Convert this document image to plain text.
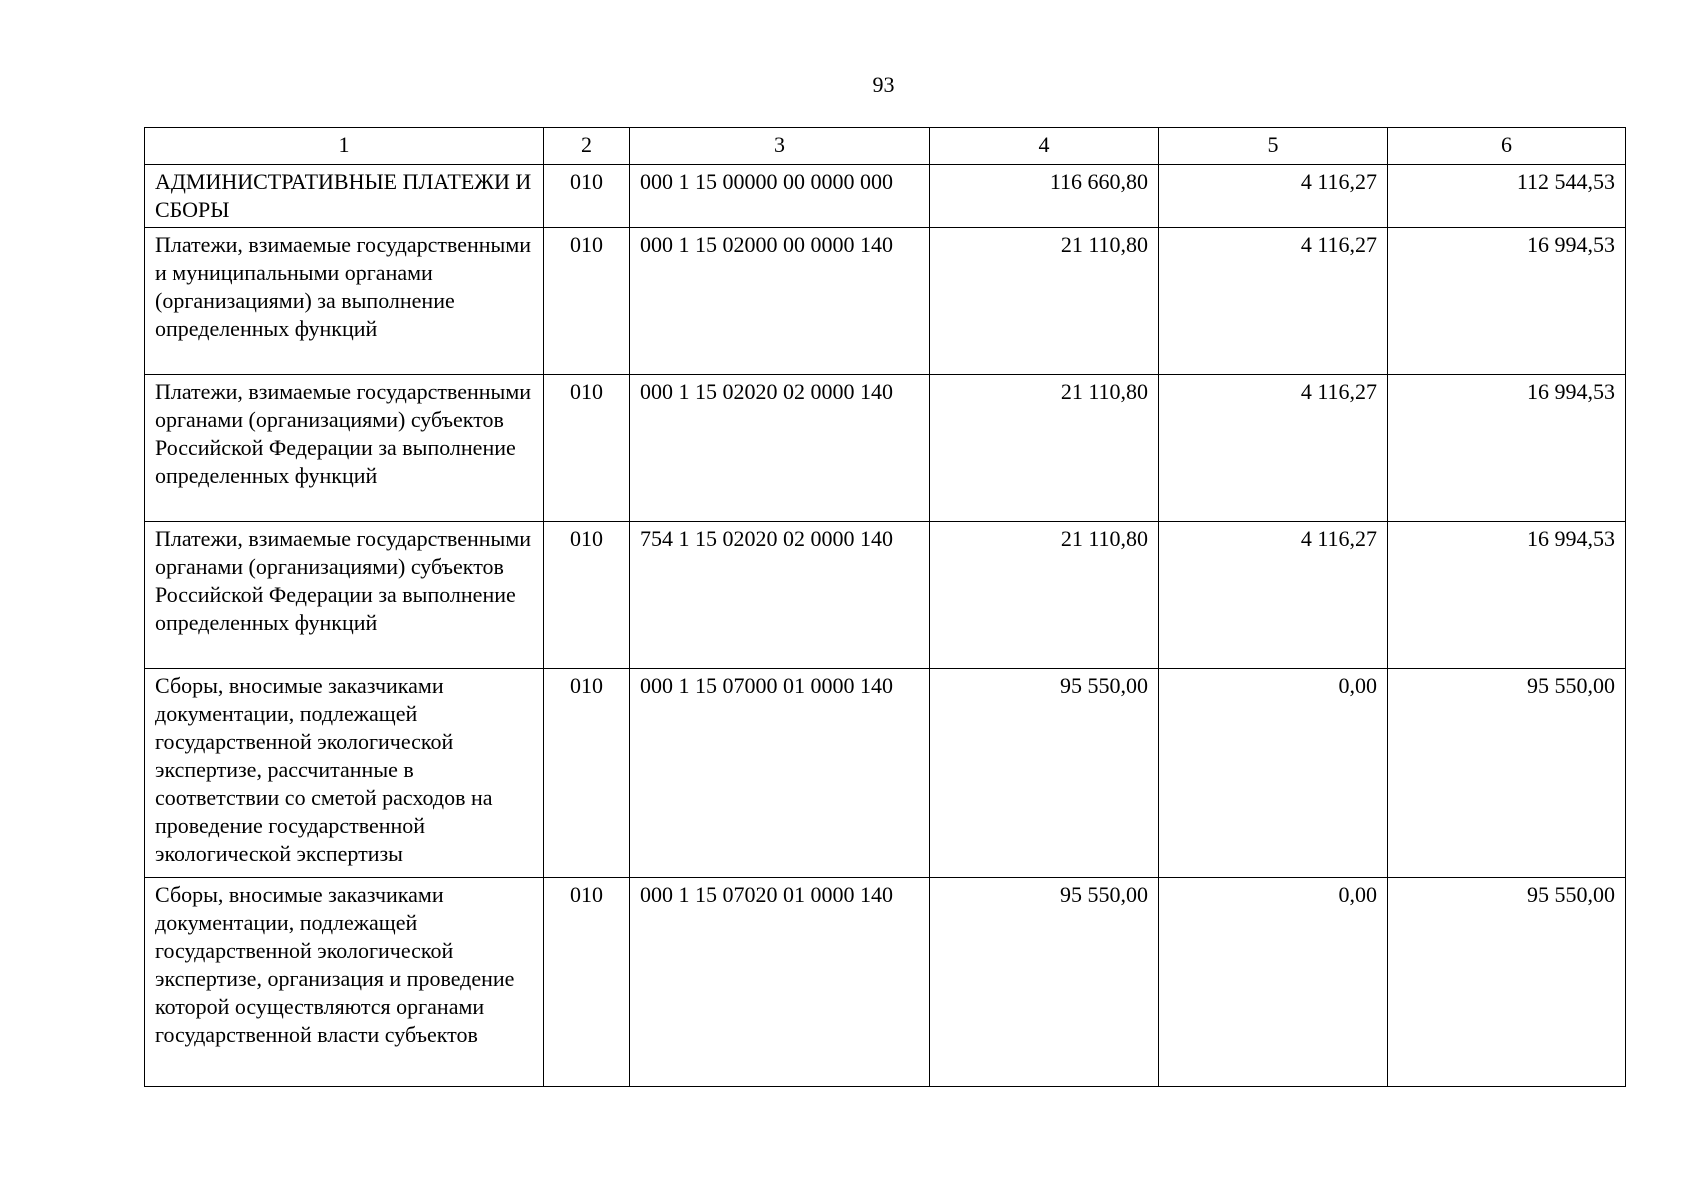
93
1	2	3	4	5	6
АДМИНИСТРАТИВНЫЕ ПЛАТЕЖИ И СБОРЫ	010	000 1 15 00000 00 0000 000	116 660,80	4 116,27	112 544,53
Платежи, взимаемые государственными и муниципальными органами (организациями) за выполнение определенных функций	010	000 1 15 02000 00 0000 140	21 110,80	4 116,27	16 994,53
Платежи, взимаемые государственными органами (организациями) субъектов Российской Федерации за выполнение определенных функций	010	000 1 15 02020 02 0000 140	21 110,80	4 116,27	16 994,53
Платежи, взимаемые государственными органами (организациями) субъектов Российской Федерации за выполнение определенных функций	010	754 1 15 02020 02 0000 140	21 110,80	4 116,27	16 994,53
Сборы, вносимые заказчиками документации, подлежащей государственной экологической экспертизе, рассчитанные в соответствии со сметой расходов на проведение государственной экологической экспертизы	010	000 1 15 07000 01 0000 140	95 550,00	0,00	95 550,00
Сборы, вносимые заказчиками документации, подлежащей государственной экологической экспертизе, организация и проведение которой осуществляются органами государственной власти субъектов	010	000 1 15 07020 01 0000 140	95 550,00	0,00	95 550,00
